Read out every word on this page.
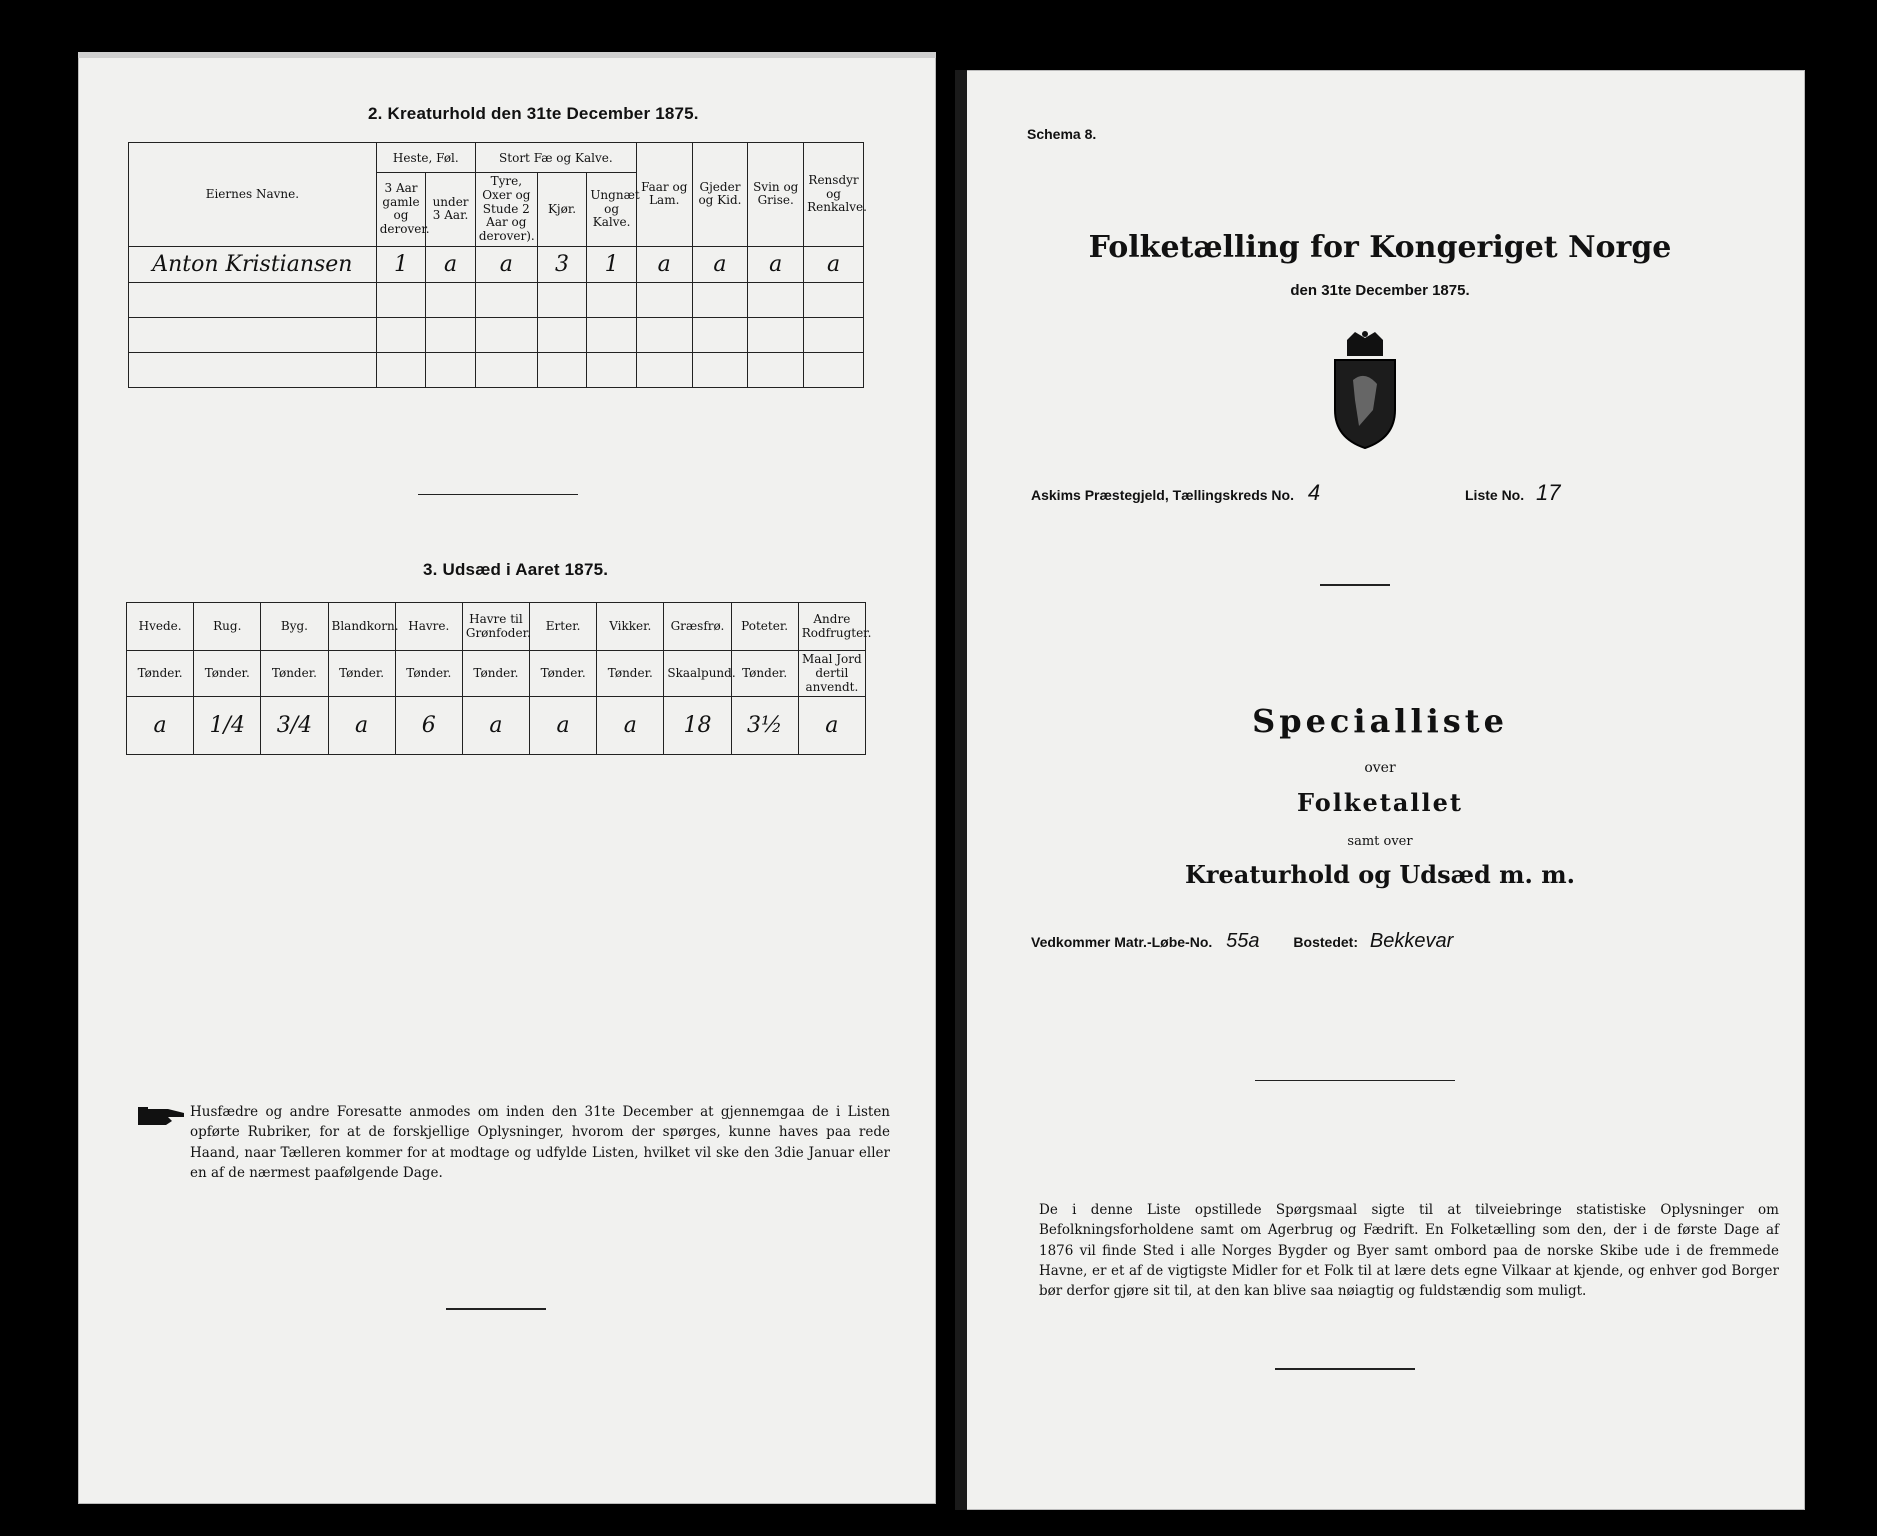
2. Kreaturhold den 31te December 1875.
Eiernes Navne.	Heste, Føl.		Stort Fæ og Kalve.			Faar og Lam.	Gjeder og Kid.	Svin og Grise.	Rensdyr og Renkalve.
	3 Aar gamle og derover.	under 3 Aar.	Tyre, Oxer og Stude 2 Aar og derover).	Kjør.	Ungnæt og Kalve.				
Anton Kristiansen	1	a	a	3	1	a	a	a	a

3. Udsæd i Aaret 1875.
Hvede.	Rug.	Byg.	Blandkorn.	Havre.	Havre til Grønfoder.	Erter.	Vikker.	Græsfrø.	Poteter.	Andre Rodfrugter.
Tønder.	Tønder.	Tønder.	Tønder.	Tønder.	Tønder.	Tønder.	Tønder.	Skaalpund.	Tønder.	Maal Jord dertil anvendt.
a	1/4	3/4	a	6	a	a	a	18	3½	a
Husfædre og andre Foresatte anmodes om inden den 31te December at gjennemgaa de i Listen opførte Rubriker, for at de forskjellige Oplysninger, hvorom der spørges, kunne haves paa rede Haand, naar Tælleren kommer for at modtage og udfylde Listen, hvilket vil ske den 3die Januar eller en af de nærmest paafølgende Dage.
Schema 8.
Folketælling for Kongeriget Norge
den 31te December 1875.
Askims Præstegjeld, Tællingskreds No. 4	Liste No. 17
Specialliste
over
Folketallet
samt over
Kreaturhold og Udsæd m. m.
Vedkommer Matr.-Løbe-No. 55a Bostedet: Bekkevar
De i denne Liste opstillede Spørgsmaal sigte til at tilveiebringe statistiske Oplysninger om Befolkningsforholdene samt om Agerbrug og Fædrift. En Folketælling som den, der i de første Dage af 1876 vil finde Sted i alle Norges Bygder og Byer samt ombord paa de norske Skibe ude i de fremmede Havne, er et af de vigtigste Midler for et Folk til at lære dets egne Vilkaar at kjende, og enhver god Borger bør derfor gjøre sit til, at den kan blive saa nøiagtig og fuldstændig som muligt.
